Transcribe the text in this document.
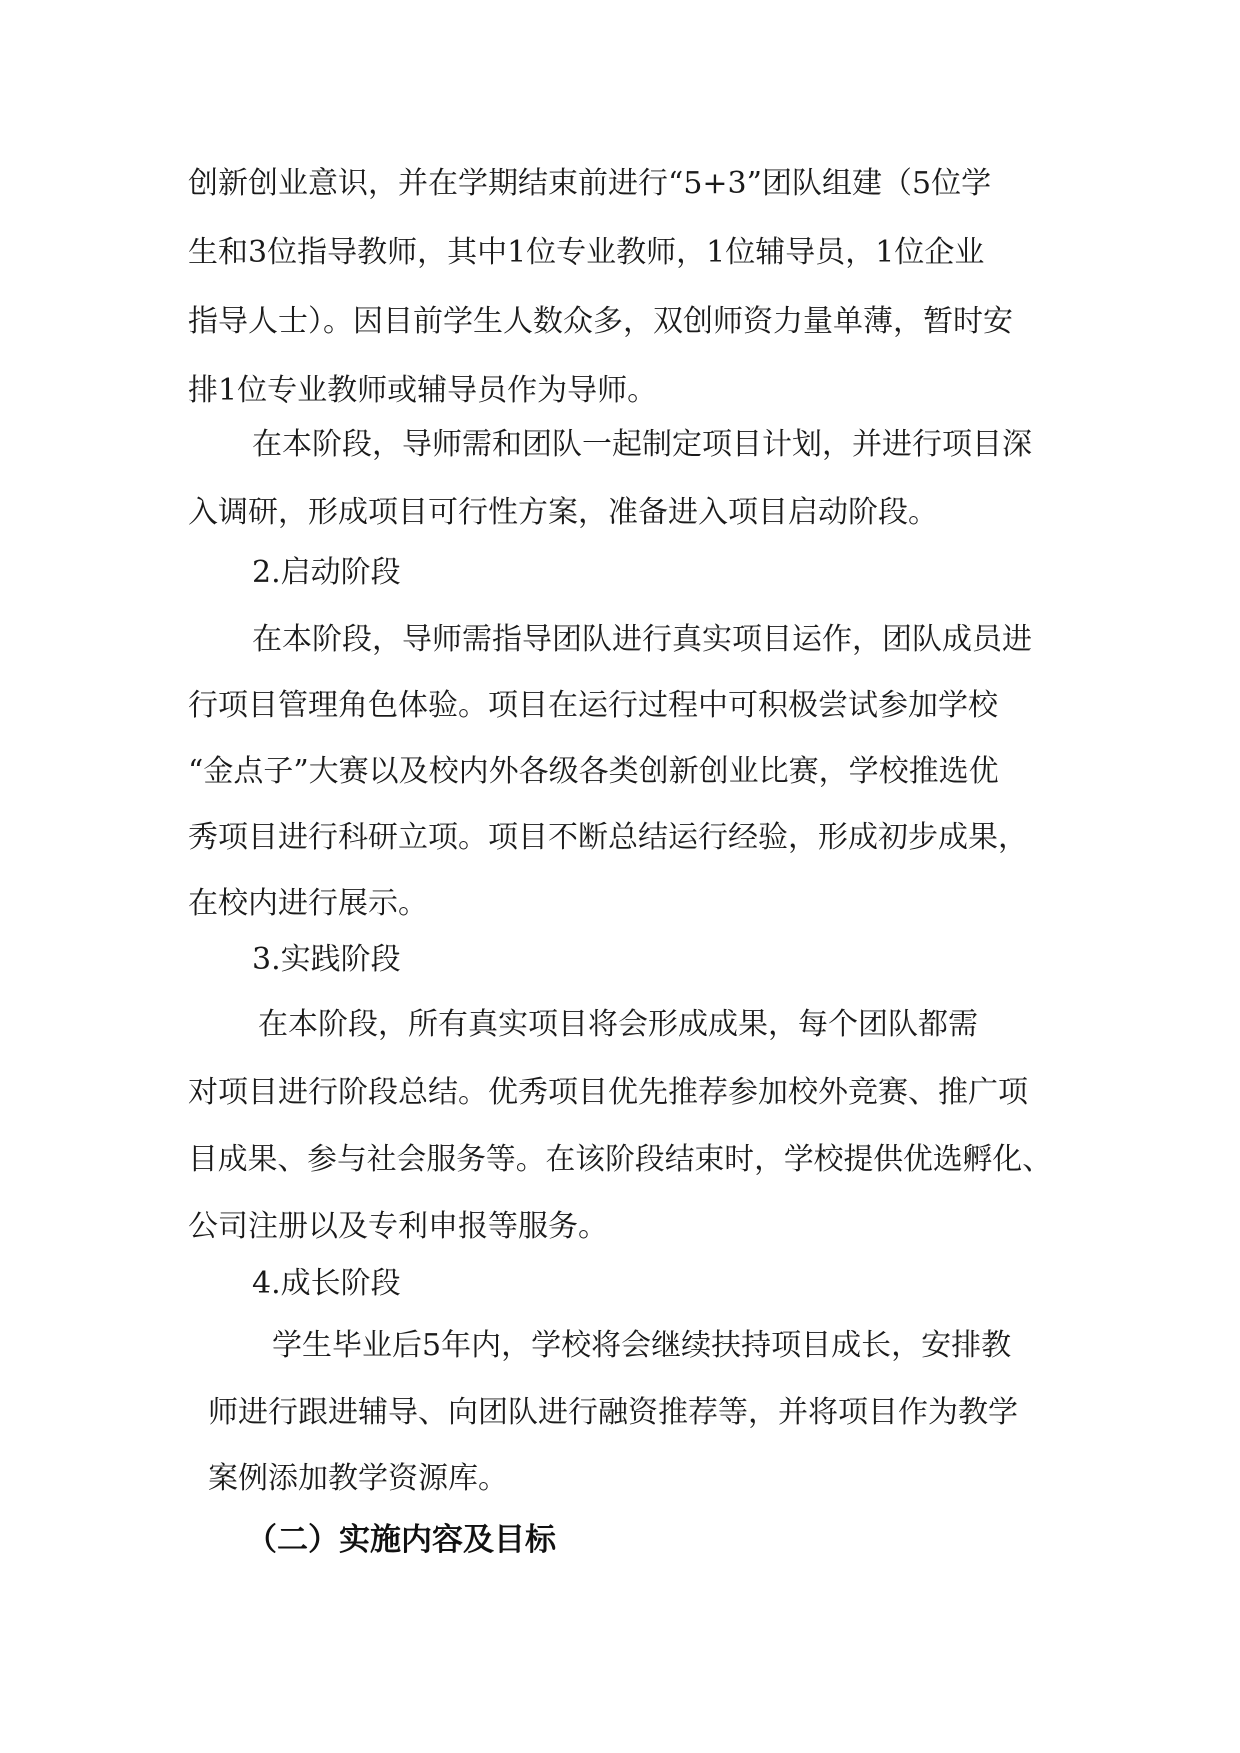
创新创业意识，并在学期结束前进行“5+3”团队组建（5位学
生和3位指导教师，其中1位专业教师，1位辅导员，1位企业
指导人士）。因目前学生人数众多，双创师资力量单薄，暂时安
排1位专业教师或辅导员作为导师。
在本阶段，导师需和团队一起制定项目计划，并进行项目深
入调研，形成项目可行性方案，准备进入项目启动阶段。
2.启动阶段
在本阶段，导师需指导团队进行真实项目运作，团队成员进
行项目管理角色体验。项目在运行过程中可积极尝试参加学校
“金点子”大赛以及校内外各级各类创新创业比赛，学校推选优
秀项目进行科研立项。项目不断总结运行经验，形成初步成果，
在校内进行展示。
3.实践阶段
在本阶段，所有真实项目将会形成成果，每个团队都需
对项目进行阶段总结。优秀项目优先推荐参加校外竞赛、推广项
目成果、参与社会服务等。在该阶段结束时，学校提供优选孵化、
公司注册以及专利申报等服务。
4.成长阶段
学生毕业后5年内，学校将会继续扶持项目成长，安排教
师进行跟进辅导、向团队进行融资推荐等，并将项目作为教学
案例添加教学资源库。
（二）实施内容及目标
